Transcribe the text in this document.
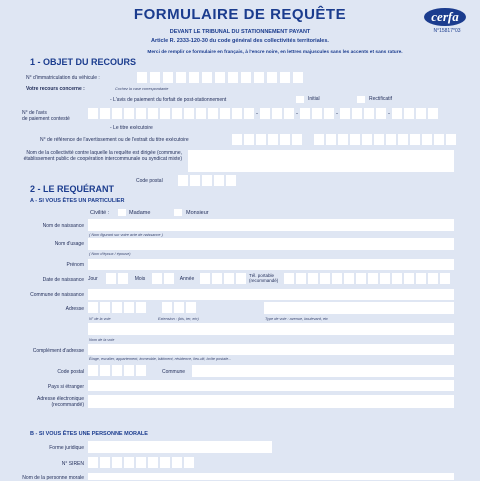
FORMULAIRE DE REQUÊTE
DEVANT LE TRIBUNAL DU STATIONNEMENT PAYANT
Article R. 2333-120-30 du code général des collectivités territoriales.
Merci de remplir ce formulaire en français, à l'encre noire, en lettres majuscules sans les accents et sans rature.
cerfa
N°15817*03
1 - OBJET DU RECOURS
N° d'immatriculation du véhicule :
Votre recours concerne :	Cochez la case correspondante
- L'avis de paiement du forfait de post-stationnement	Initial	Rectificatif
N° de l'avis
de paiement contesté
-	-	-	-
- Le titre exécutoire
N° de référence de l'avertissement ou de l'extrait du titre exécutoire
Nom de la collectivité contre laquelle la requête est dirigée (commune, établissement public de coopération intercommunale ou syndicat mixte)
Code postal
2 - LE REQUÉRANT
A - SI VOUS ÊTES UN PARTICULIER
Civilité :	Madame	Monsieur
Nom de naissance
( Nom figurant sur votre acte de naissance )
Nom d'usage
( Nom d'époux / épouse)
Prénom
Date de naissance Jour	Mois	Année	Tél. portable
(recommandé)
Commune de naissance
Adresse
N° de la voie	Extension : (bis, ter, etc)	Type de voie : avenue, boulevard, etc
Nom de la voie
Complément d'adresse
Étage, escalier, appartement, immeuble, bâtiment, résidence, lieu-dit, boîte postale...
Code postal	Commune
Pays si étranger
Adresse électronique
(recommandé)
B - SI VOUS ÊTES UNE PERSONNE MORALE
Forme juridique
N° SIREN
Nom de la personne morale
